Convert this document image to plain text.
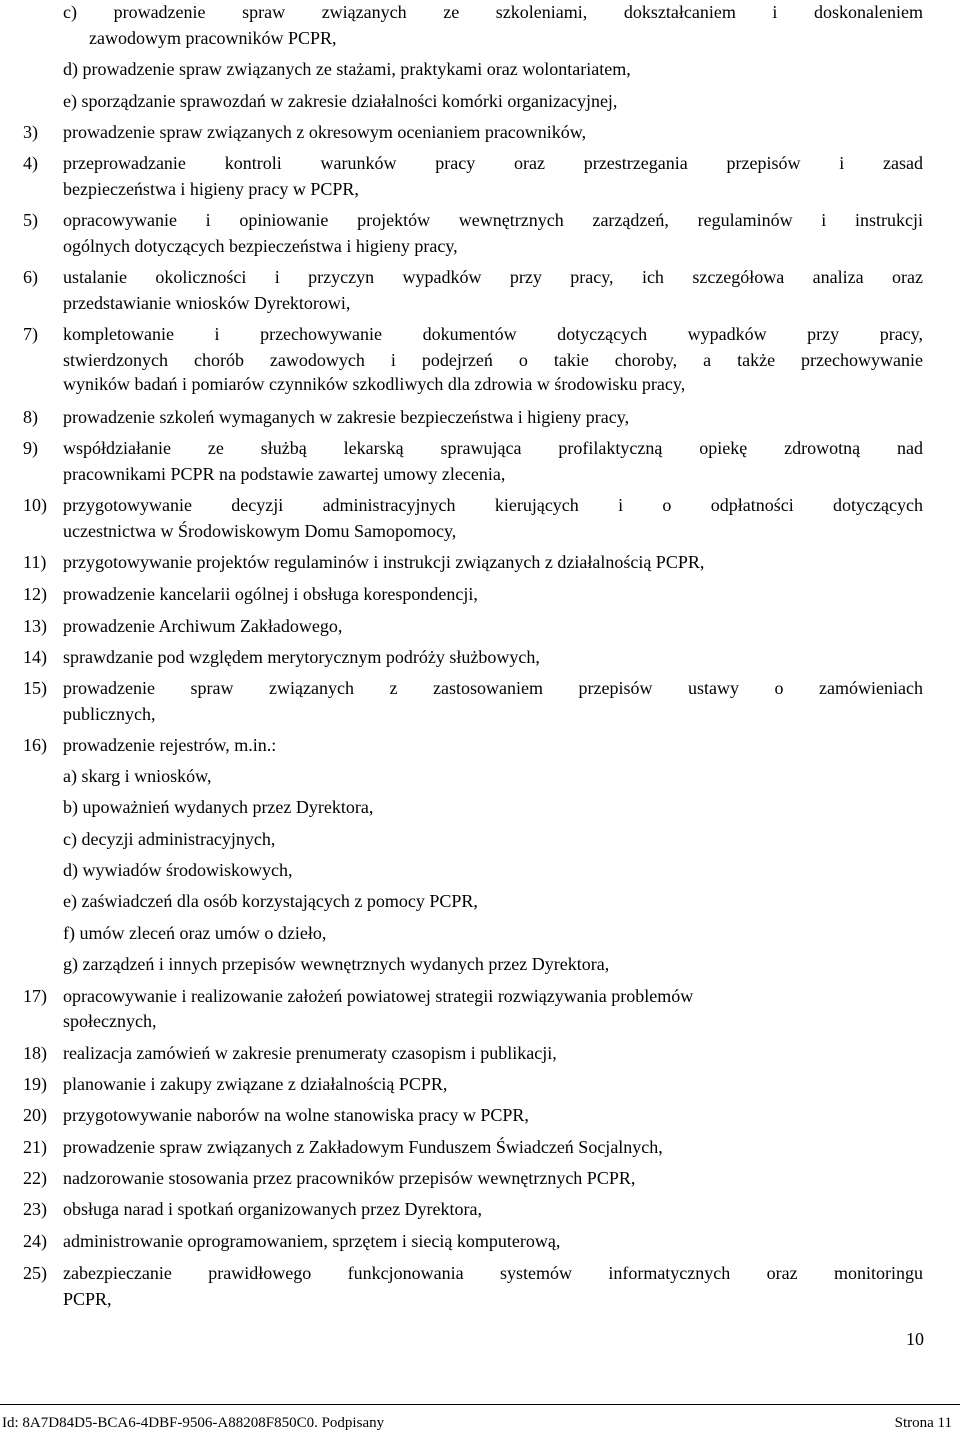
c) prowadzenie spraw związanych ze szkoleniami, dokształcaniem i doskonaleniem
zawodowym pracowników PCPR,
d) prowadzenie spraw związanych ze stażami, praktykami oraz wolontariatem,
e) sporządzanie sprawozdań w zakresie działalności komórki organizacyjnej,
3) prowadzenie spraw związanych z okresowym ocenianiem pracowników,
4) przeprowadzanie kontroli warunków pracy oraz przestrzegania przepisów i zasad
bezpieczeństwa i higieny pracy w PCPR,
5) opracowywanie i opiniowanie projektów wewnętrznych zarządzeń, regulaminów i instrukcji
ogólnych dotyczących bezpieczeństwa i higieny pracy,
6) ustalanie okoliczności i przyczyn wypadków przy pracy, ich szczegółowa analiza oraz
przedstawianie wniosków Dyrektorowi,
7) kompletowanie i przechowywanie dokumentów dotyczących wypadków przy pracy,
stwierdzonych chorób zawodowych i podejrzeń o takie choroby, a także przechowywanie
wyników badań i pomiarów czynników szkodliwych dla zdrowia w środowisku pracy,
8) prowadzenie szkoleń wymaganych w zakresie bezpieczeństwa i higieny pracy,
9) współdziałanie ze służbą lekarską sprawująca profilaktyczną opiekę zdrowotną nad
pracownikami PCPR na podstawie zawartej umowy zlecenia,
10) przygotowywanie decyzji administracyjnych kierujących i o odpłatności dotyczących
uczestnictwa w Środowiskowym Domu Samopomocy,
11) przygotowywanie projektów regulaminów i instrukcji związanych z działalnością PCPR,
12) prowadzenie kancelarii ogólnej i obsługa korespondencji,
13) prowadzenie Archiwum Zakładowego,
14) sprawdzanie pod względem merytorycznym podróży służbowych,
15) prowadzenie spraw związanych z zastosowaniem przepisów ustawy o zamówieniach
publicznych,
16) prowadzenie rejestrów, m.in.:
a) skarg i wniosków,
b) upoważnień wydanych przez Dyrektora,
c) decyzji administracyjnych,
d) wywiadów środowiskowych,
e) zaświadczeń dla osób korzystających z pomocy PCPR,
f) umów zleceń oraz umów o dzieło,
g) zarządzeń i innych przepisów wewnętrznych wydanych przez Dyrektora,
17) opracowywanie i realizowanie założeń powiatowej strategii rozwiązywania problemów
społecznych,
18) realizacja zamówień w zakresie prenumeraty czasopism i publikacji,
19) planowanie i zakupy związane z działalnością PCPR,
20) przygotowywanie naborów na wolne stanowiska pracy w PCPR,
21) prowadzenie spraw związanych z Zakładowym Funduszem Świadczeń Socjalnych,
22) nadzorowanie stosowania przez pracowników przepisów wewnętrznych PCPR,
23) obsługa narad i spotkań organizowanych przez Dyrektora,
24) administrowanie oprogramowaniem, sprzętem i siecią komputerową,
25) zabezpieczanie prawidłowego funkcjonowania systemów informatycznych oraz monitoringu
PCPR,
10
Id: 8A7D84D5-BCA6-4DBF-9506-A88208F850C0. Podpisany	Strona 11
